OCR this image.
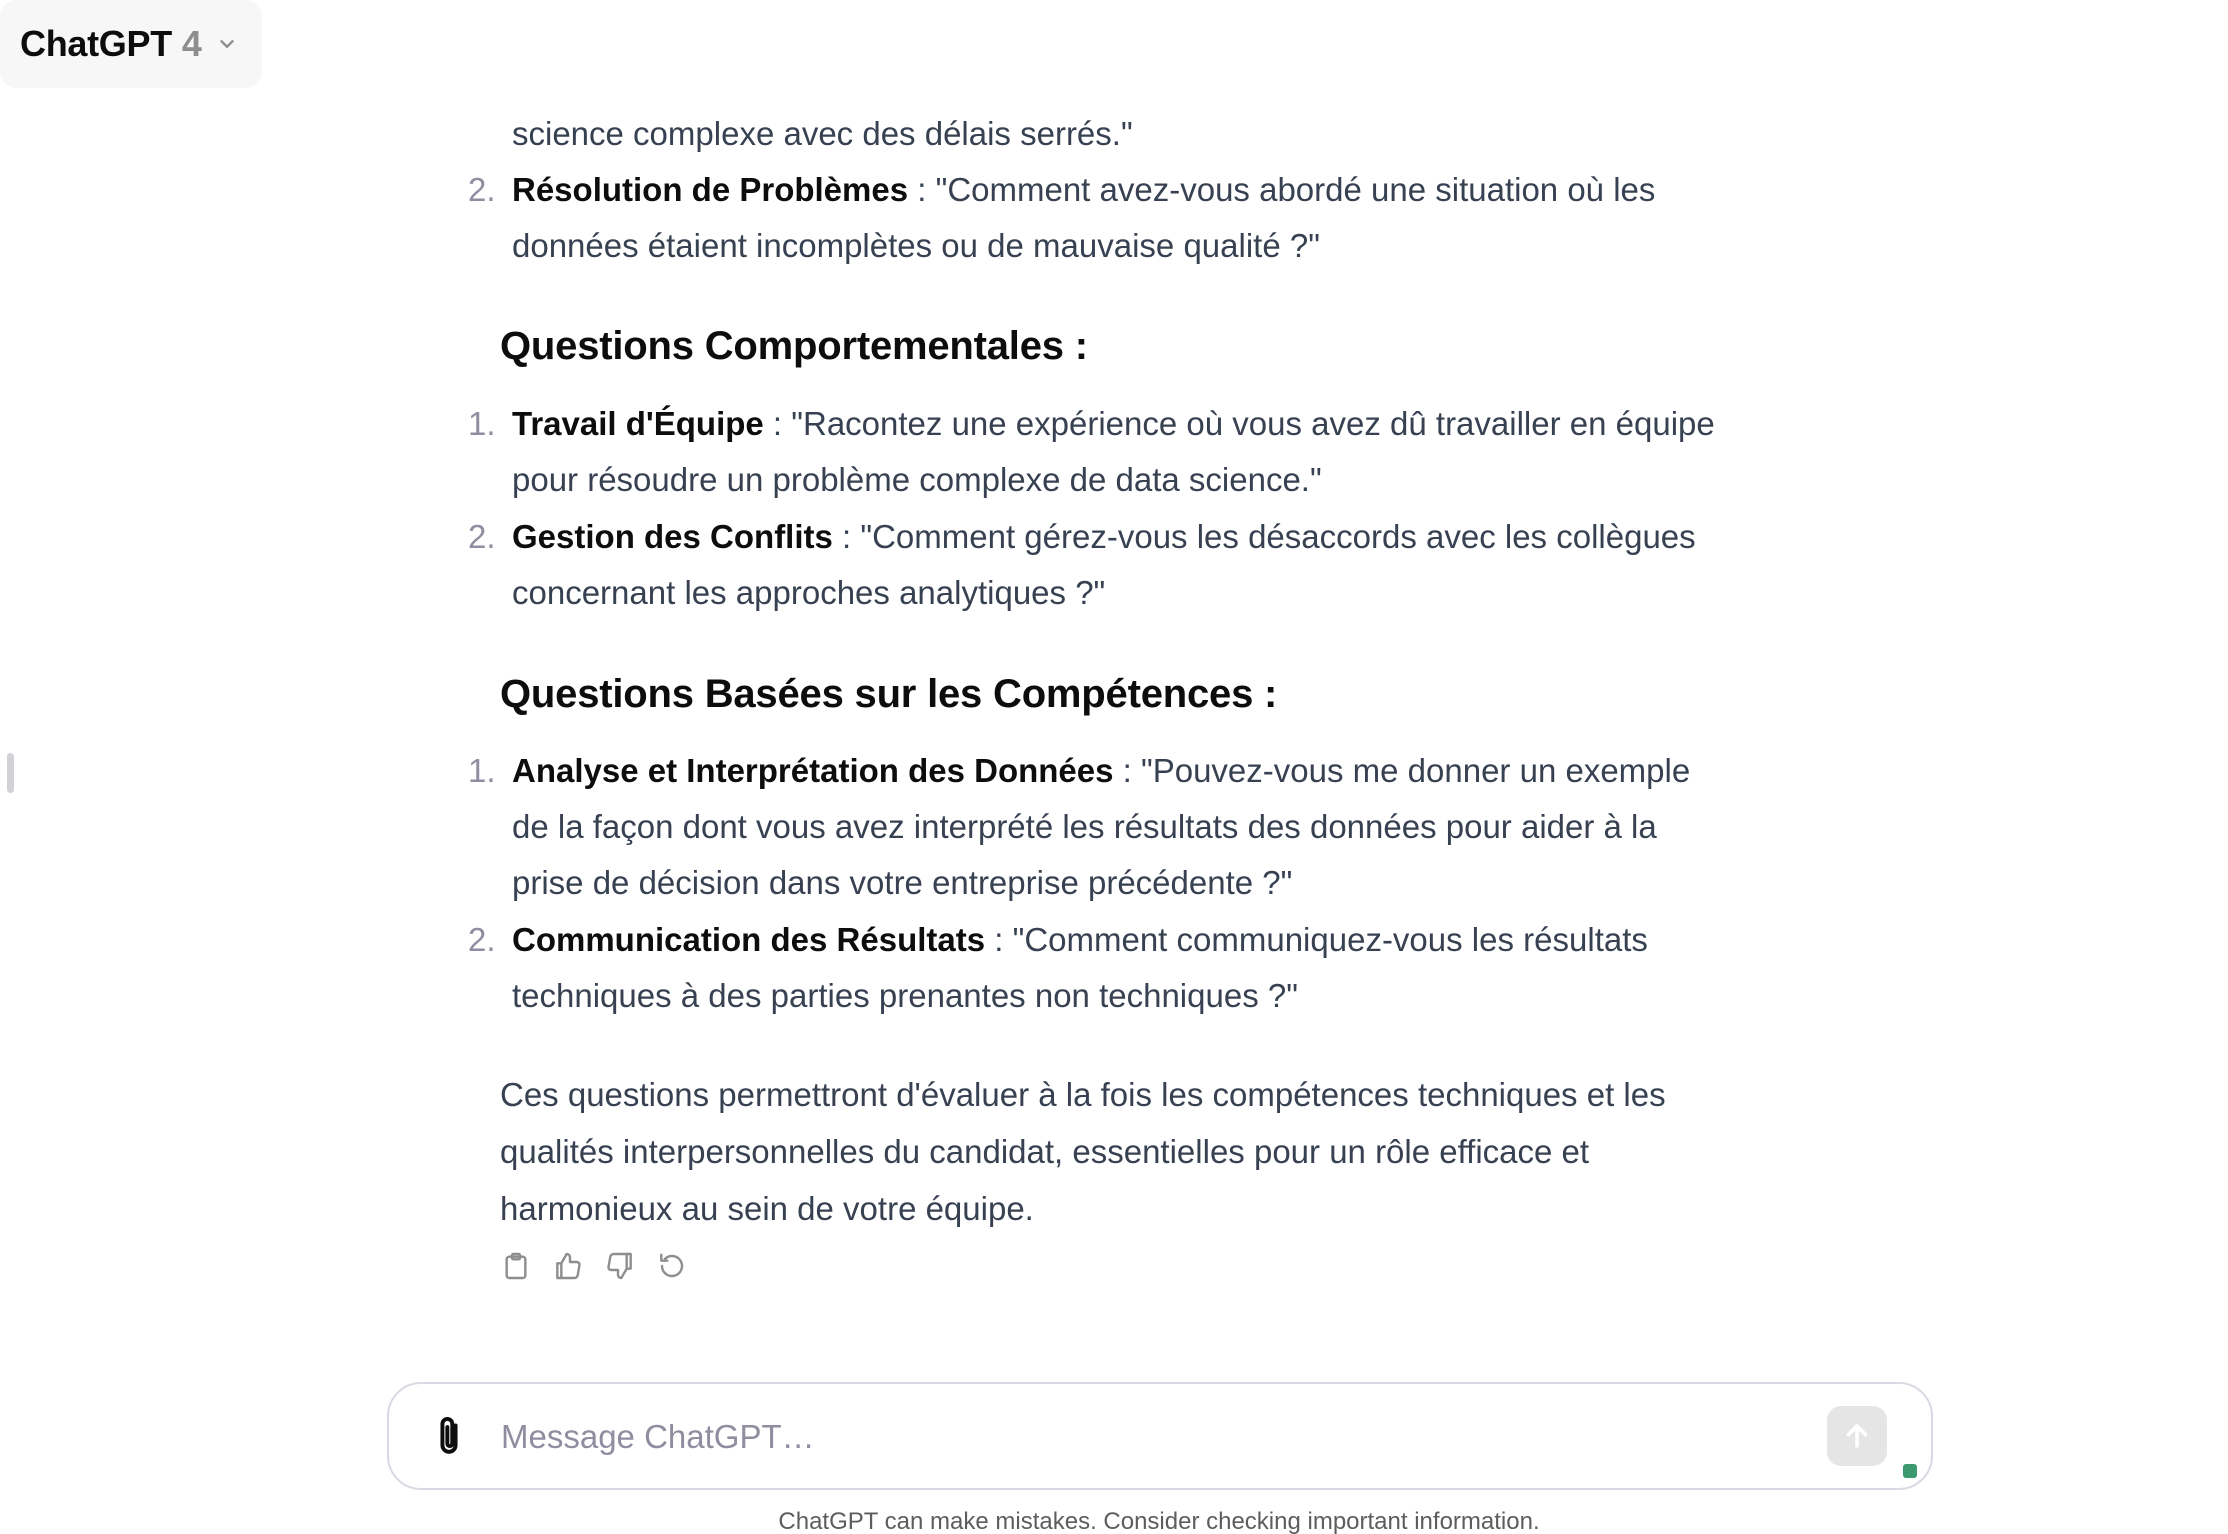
ChatGPT 4
science complexe avec des délais serrés."
2. Résolution de Problèmes : "Comment avez-vous abordé une situation où les données étaient incomplètes ou de mauvaise qualité ?"
Questions Comportementales :
1. Travail d'Équipe : "Racontez une expérience où vous avez dû travailler en équipe pour résoudre un problème complexe de data science."
2. Gestion des Conflits : "Comment gérez-vous les désaccords avec les collègues concernant les approches analytiques ?"
Questions Basées sur les Compétences :
1. Analyse et Interprétation des Données : "Pouvez-vous me donner un exemple de la façon dont vous avez interprété les résultats des données pour aider à la prise de décision dans votre entreprise précédente ?"
2. Communication des Résultats : "Comment communiquez-vous les résultats techniques à des parties prenantes non techniques ?"
Ces questions permettront d'évaluer à la fois les compétences techniques et les qualités interpersonnelles du candidat, essentielles pour un rôle efficace et harmonieux au sein de votre équipe.
Message ChatGPT…
ChatGPT can make mistakes. Consider checking important information.
